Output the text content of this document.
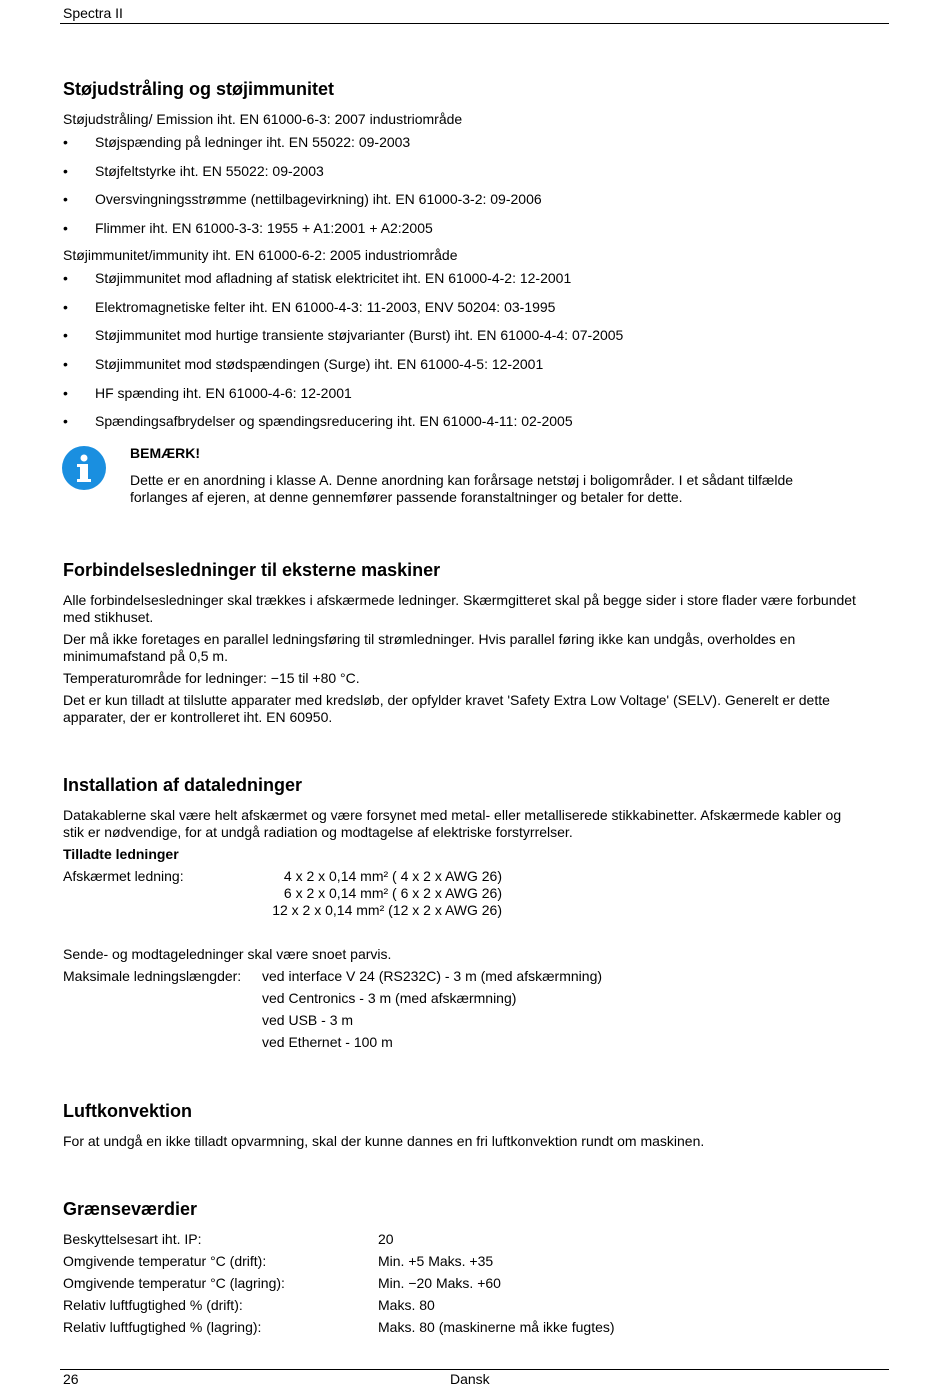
Spectra II
Støjudstråling og støjimmunitet
Støjudstråling/ Emission iht. EN 61000-6-3: 2007 industriområde
• Støjspænding på ledninger iht. EN 55022: 09-2003
• Støjfeltstyrke iht. EN 55022: 09-2003
• Oversvingningsstrømme (nettilbagevirkning) iht. EN 61000-3-2: 09-2006
• Flimmer iht. EN 61000-3-3: 1955 + A1:2001 + A2:2005
Støjimmunitet/immunity iht. EN 61000-6-2: 2005 industriområde
• Støjimmunitet mod afladning af statisk elektricitet iht. EN 61000-4-2: 12-2001
• Elektromagnetiske felter iht. EN 61000-4-3: 11-2003, ENV 50204: 03-1995
• Støjimmunitet mod hurtige transiente støjvarianter (Burst) iht. EN 61000-4-4: 07-2005
• Støjimmunitet mod stødspændingen (Surge) iht. EN 61000-4-5: 12-2001
• HF spænding iht. EN 61000-4-6: 12-2001
• Spændingsafbrydelser og spændingsreducering iht. EN 61000-4-11: 02-2005
BEMÆRK!
Dette er en anordning i klasse A. Denne anordning kan forårsage netstøj i boligområder. I et sådant tilfælde
forlanges af ejeren, at denne gennemfører passende foranstaltninger og betaler for dette.
Forbindelsesledninger til eksterne maskiner
Alle forbindelsesledninger skal trækkes i afskærmede ledninger. Skærmgitteret skal på begge sider i store flader være forbundet
med stikhuset.
Der må ikke foretages en parallel ledningsføring til strømledninger. Hvis parallel føring ikke kan undgås, overholdes en
minimumafstand på 0,5 m.
Temperaturområde for ledninger: −15 til +80 °C.
Det er kun tilladt at tilslutte apparater med kredsløb, der opfylder kravet 'Safety Extra Low Voltage' (SELV). Generelt er dette
apparater, der er kontrolleret iht. EN 60950.
Installation af dataledninger
Datakablerne skal være helt afskærmet og være forsynet med metal- eller metalliserede stikkabinetter. Afskærmede kabler og
stik er nødvendige, for at undgå radiation og modtagelse af elektriske forstyrrelser.
Tilladte ledninger
Afskærmet ledning:	4 x 2 x 0,14 mm² ( 4 x 2 x AWG 26)
6 x 2 x 0,14 mm² ( 6 x 2 x AWG 26)
12 x 2 x 0,14 mm² (12 x 2 x AWG 26)
Sende- og modtageledninger skal være snoet parvis.
Maksimale ledningslængder: ved interface V 24 (RS232C) - 3 m (med afskærmning)
ved Centronics - 3 m (med afskærmning)
ved USB - 3 m
ved Ethernet - 100 m
Luftkonvektion
For at undgå en ikke tilladt opvarmning, skal der kunne dannes en fri luftkonvektion rundt om maskinen.
Grænseværdier
Beskyttelsesart iht. IP:	20
Omgivende temperatur °C (drift):	Min. +5 Maks. +35
Omgivende temperatur °C (lagring):	Min. −20 Maks. +60
Relativ luftfugtighed % (drift):	Maks. 80
Relativ luftfugtighed % (lagring):	Maks. 80 (maskinerne må ikke fugtes)
26	Dansk
